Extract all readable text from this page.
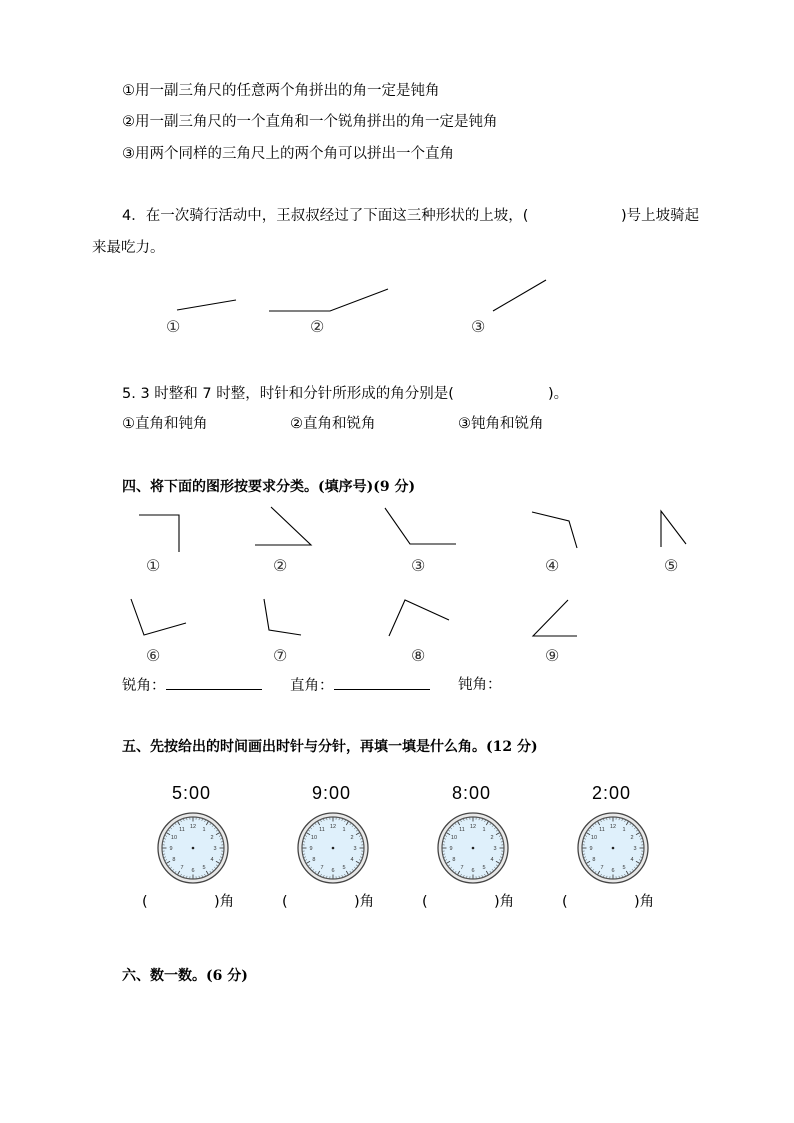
①用一副三角尺的任意两个角拼出的角一定是钝角
②用一副三角尺的一个直角和一个锐角拼出的角一定是钝角
③用两个同样的三角尺上的两个角可以拼出一个直角
4．在一次骑行活动中，王叔叔经过了下面这三种形状的上坡，(	)号上坡骑起
来最吃力。
①	②	③
5. 3 时整和 7 时整，时针和分针所形成的角分别是(	)。
①直角和钝角	②直角和锐角	③钝角和锐角
四、将下面的图形按要求分类。(填序号)(9 分)
①	②	③	④	⑤
⑥	⑦	⑧	⑨
锐角：	直角：	钝角：
五、先按给出的时间画出时针与分针，再填一填是什么角。(12 分)
5:00	9:00	8:00	2:00
(	)角	(	)角	(	)角	(	)角
六、数一数。(6 分)
12 1
2
3
4
5
6
7
8
9
10
11	12 1
2
3
4
5
6
7
8
9
10
11	12 1
2
3
4
5
6
7
8
9
10
11	12 1
2
3
4
5
6
7
8
9
10
11
